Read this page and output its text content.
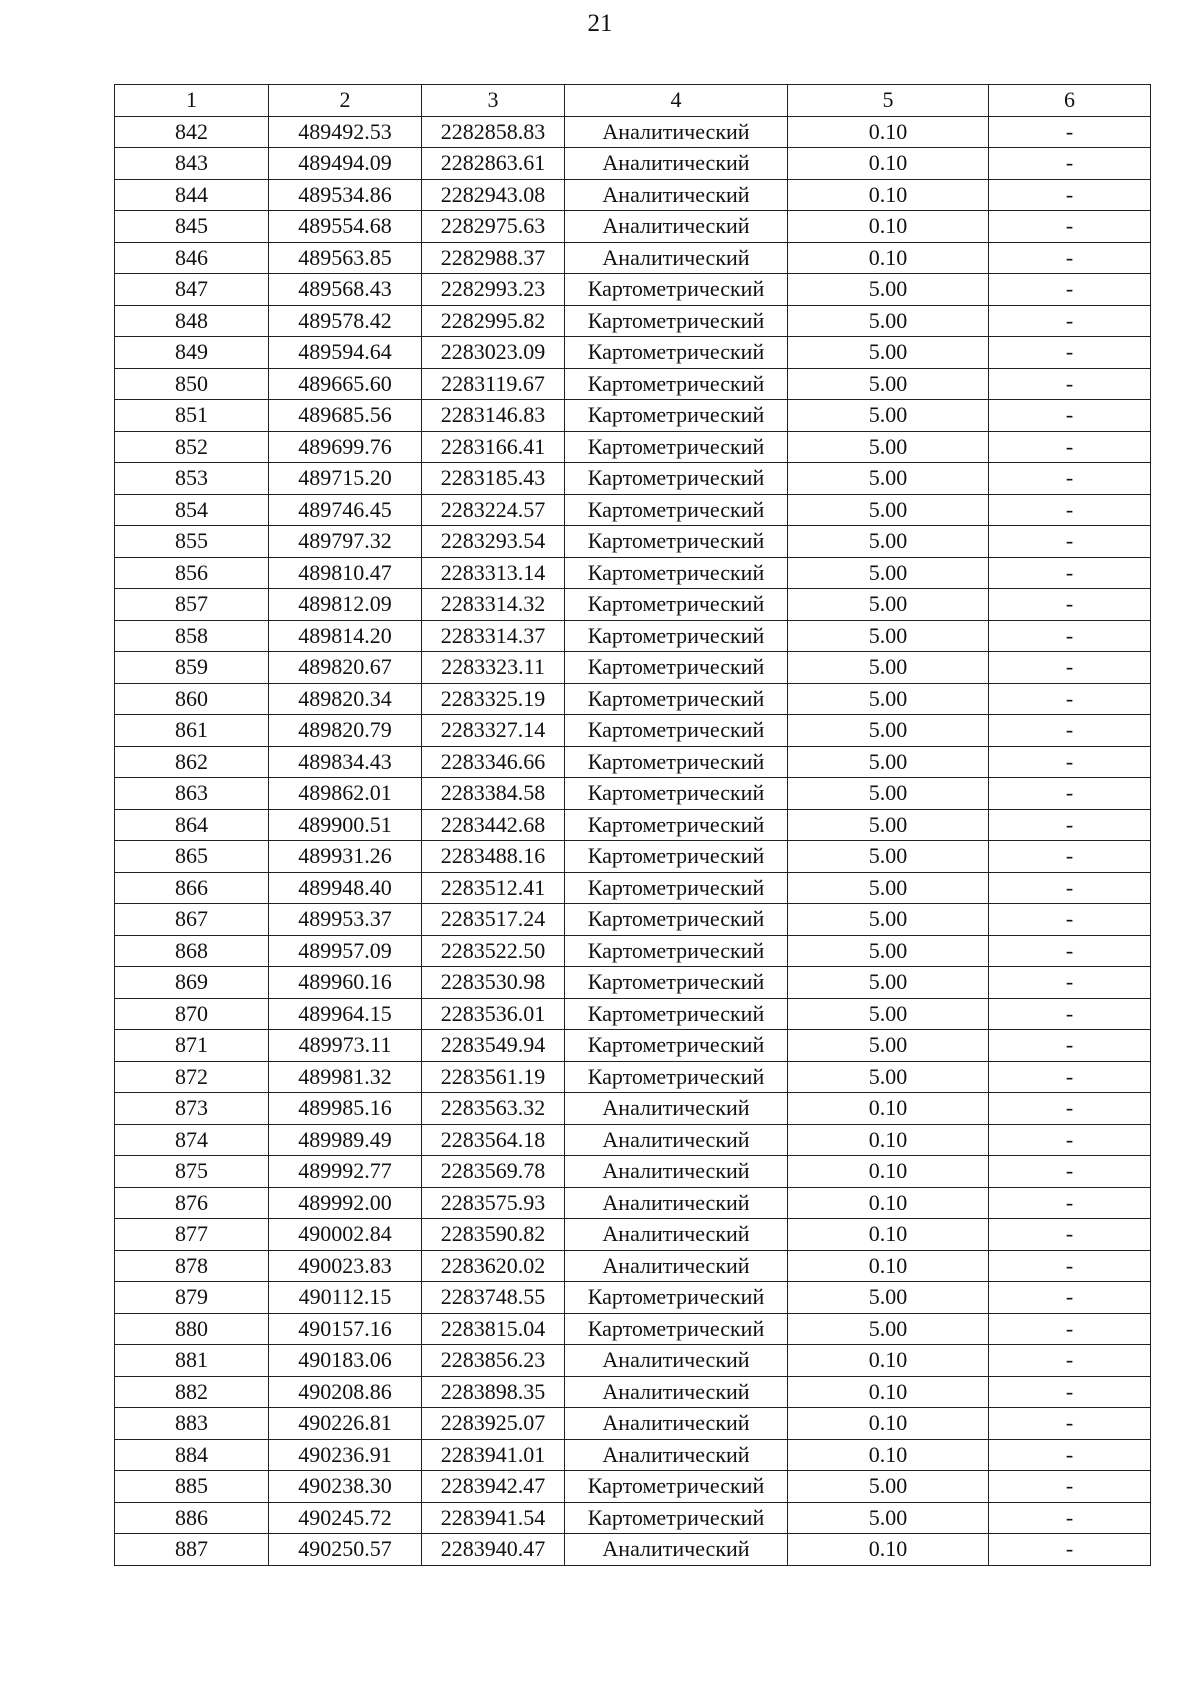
21
1	2	3	4	5	6
842	489492.53	2282858.83	Аналитический	0.10	-
843	489494.09	2282863.61	Аналитический	0.10	-
844	489534.86	2282943.08	Аналитический	0.10	-
845	489554.68	2282975.63	Аналитический	0.10	-
846	489563.85	2282988.37	Аналитический	0.10	-
847	489568.43	2282993.23	Картометрический	5.00	-
848	489578.42	2282995.82	Картометрический	5.00	-
849	489594.64	2283023.09	Картометрический	5.00	-
850	489665.60	2283119.67	Картометрический	5.00	-
851	489685.56	2283146.83	Картометрический	5.00	-
852	489699.76	2283166.41	Картометрический	5.00	-
853	489715.20	2283185.43	Картометрический	5.00	-
854	489746.45	2283224.57	Картометрический	5.00	-
855	489797.32	2283293.54	Картометрический	5.00	-
856	489810.47	2283313.14	Картометрический	5.00	-
857	489812.09	2283314.32	Картометрический	5.00	-
858	489814.20	2283314.37	Картометрический	5.00	-
859	489820.67	2283323.11	Картометрический	5.00	-
860	489820.34	2283325.19	Картометрический	5.00	-
861	489820.79	2283327.14	Картометрический	5.00	-
862	489834.43	2283346.66	Картометрический	5.00	-
863	489862.01	2283384.58	Картометрический	5.00	-
864	489900.51	2283442.68	Картометрический	5.00	-
865	489931.26	2283488.16	Картометрический	5.00	-
866	489948.40	2283512.41	Картометрический	5.00	-
867	489953.37	2283517.24	Картометрический	5.00	-
868	489957.09	2283522.50	Картометрический	5.00	-
869	489960.16	2283530.98	Картометрический	5.00	-
870	489964.15	2283536.01	Картометрический	5.00	-
871	489973.11	2283549.94	Картометрический	5.00	-
872	489981.32	2283561.19	Картометрический	5.00	-
873	489985.16	2283563.32	Аналитический	0.10	-
874	489989.49	2283564.18	Аналитический	0.10	-
875	489992.77	2283569.78	Аналитический	0.10	-
876	489992.00	2283575.93	Аналитический	0.10	-
877	490002.84	2283590.82	Аналитический	0.10	-
878	490023.83	2283620.02	Аналитический	0.10	-
879	490112.15	2283748.55	Картометрический	5.00	-
880	490157.16	2283815.04	Картометрический	5.00	-
881	490183.06	2283856.23	Аналитический	0.10	-
882	490208.86	2283898.35	Аналитический	0.10	-
883	490226.81	2283925.07	Аналитический	0.10	-
884	490236.91	2283941.01	Аналитический	0.10	-
885	490238.30	2283942.47	Картометрический	5.00	-
886	490245.72	2283941.54	Картометрический	5.00	-
887	490250.57	2283940.47	Аналитический	0.10	-
